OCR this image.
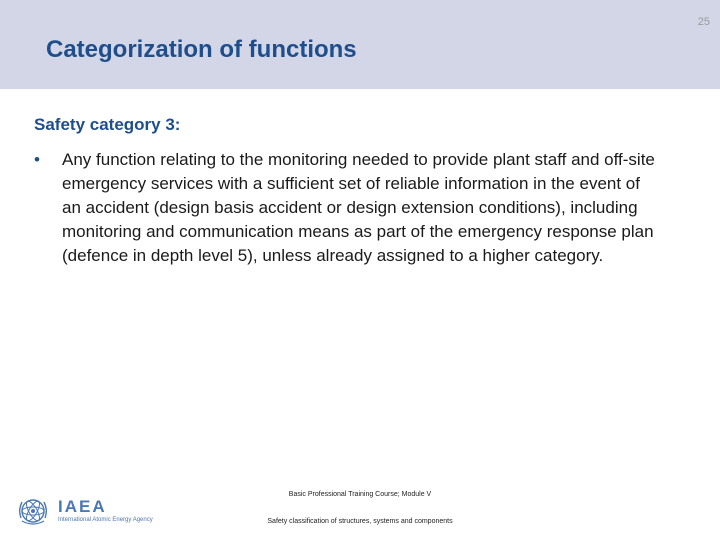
25
Categorization of functions
Safety category 3:
•	Any function relating to the monitoring needed to provide plant staff and off-site emergency services with a sufficient set of reliable information in the event of an accident (design basis accident or design extension conditions), including monitoring and communication means as part of the emergency response plan (defence in depth level 5), unless already assigned to a higher category.
IAEA
International Atomic Energy Agency
Basic Professional Training Course; Module V
Safety classification of structures, systems and components
